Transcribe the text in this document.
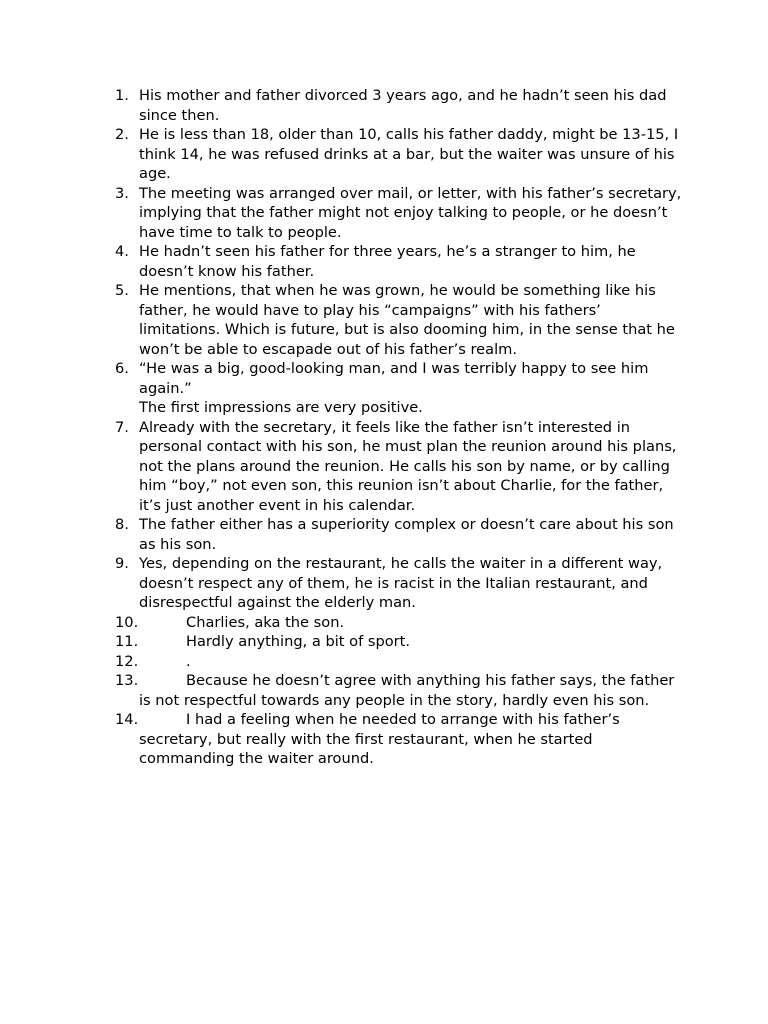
1. His mother and father divorced 3 years ago, and he hadn’t seen his dad since then.
2. He is less than 18, older than 10, calls his father daddy, might be 13-15, I think 14, he was refused drinks at a bar, but the waiter was unsure of his age.
3. The meeting was arranged over mail, or letter, with his father’s secretary, implying that the father might not enjoy talking to people, or he doesn’t have time to talk to people.
4. He hadn’t seen his father for three years, he’s a stranger to him, he doesn’t know his father.
5. He mentions, that when he was grown, he would be something like his father, he would have to play his “campaigns” with his fathers’ limitations. Which is future, but is also dooming him, in the sense that he won’t be able to escapade out of his father’s realm.
6. “He was a big, good-looking man, and I was terribly happy to see him again.”
The first impressions are very positive.
7. Already with the secretary, it feels like the father isn’t interested in personal contact with his son, he must plan the reunion around his plans, not the plans around the reunion. He calls his son by name, or by calling him “boy,” not even son, this reunion isn’t about Charlie, for the father, it’s just another event in his calendar.
8. The father either has a superiority complex or doesn’t care about his son as his son.
9. Yes, depending on the restaurant, he calls the waiter in a different way, doesn’t respect any of them, he is racist in the Italian restaurant, and disrespectful against the elderly man.
10.	Charlies, aka the son.
11.	Hardly anything, a bit of sport.
12.	.
13.	Because he doesn’t agree with anything his father says, the father is not respectful towards any people in the story, hardly even his son.
14.	I had a feeling when he needed to arrange with his father’s secretary, but really with the first restaurant, when he started commanding the waiter around.
